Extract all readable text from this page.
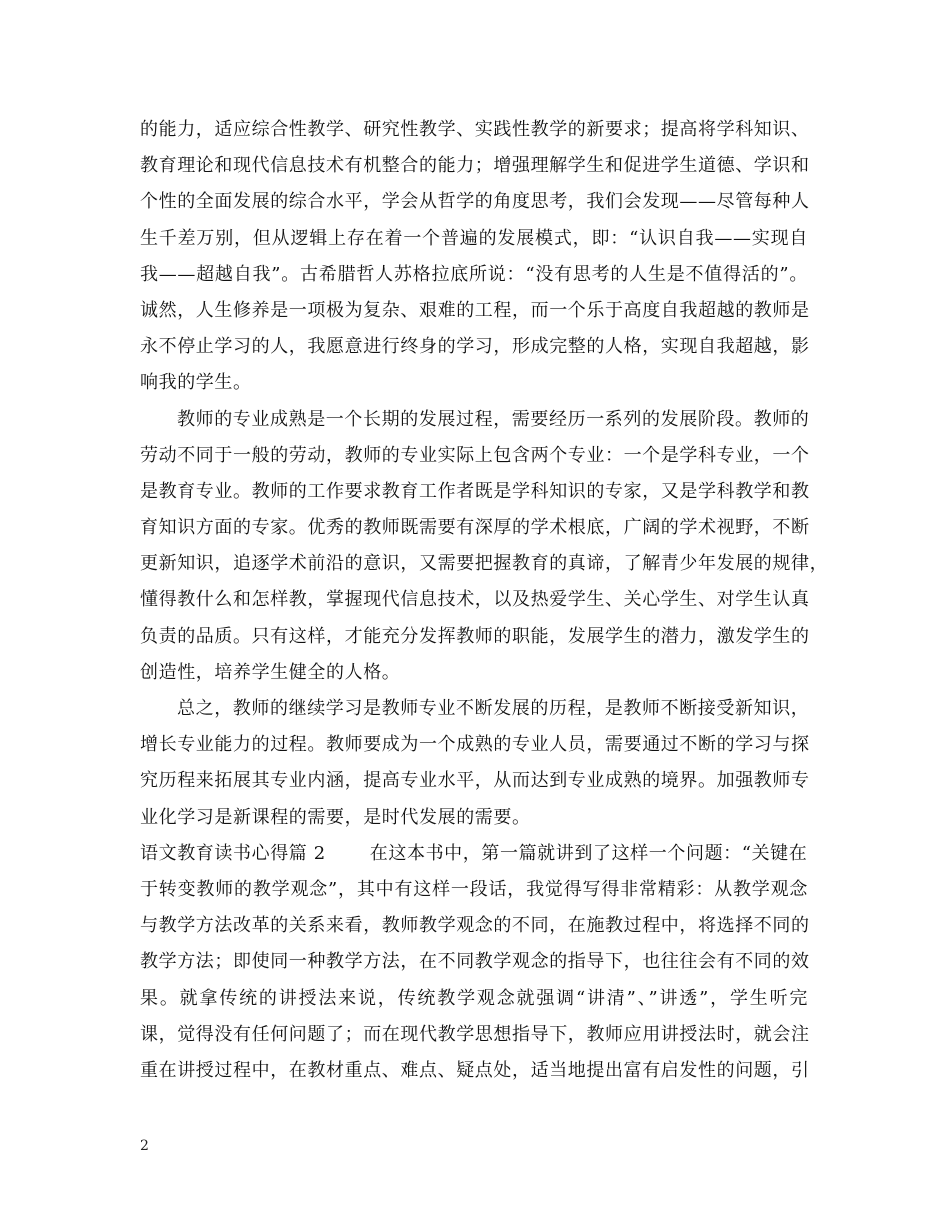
的能力，适应综合性教学、研究性教学、实践性教学的新要求；提高将学科知识、
教育理论和现代信息技术有机整合的能力；增强理解学生和促进学生道德、学识和
个性的全面发展的综合水平，学会从哲学的角度思考，我们会发现——尽管每种人
生千差万别，但从逻辑上存在着一个普遍的发展模式，即：“认识自我——实现自
我——超越自我”。古希腊哲人苏格拉底所说：“没有思考的人生是不值得活的”。
诚然，人生修养是一项极为复杂、艰难的工程，而一个乐于高度自我超越的教师是
永不停止学习的人，我愿意进行终身的学习，形成完整的人格，实现自我超越，影
响我的学生。
教师的专业成熟是一个长期的发展过程，需要经历一系列的发展阶段。教师的
劳动不同于一般的劳动，教师的专业实际上包含两个专业：一个是学科专业，一个
是教育专业。教师的工作要求教育工作者既是学科知识的专家，又是学科教学和教
育知识方面的专家。优秀的教师既需要有深厚的学术根底，广阔的学术视野，不断
更新知识，追逐学术前沿的意识，又需要把握教育的真谛，了解青少年发展的规律，
懂得教什么和怎样教，掌握现代信息技术，以及热爱学生、关心学生、对学生认真
负责的品质。只有这样，才能充分发挥教师的职能，发展学生的潜力，激发学生的
创造性，培养学生健全的人格。
总之，教师的继续学习是教师专业不断发展的历程，是教师不断接受新知识，
增长专业能力的过程。教师要成为一个成熟的专业人员，需要通过不断的学习与探
究历程来拓展其专业内涵，提高专业水平，从而达到专业成熟的境界。加强教师专
业化学习是新课程的需要，是时代发展的需要。
语文教育读书心得篇 2 在这本书中，第一篇就讲到了这样一个问题：“关键在
于转变教师的教学观念”，其中有这样一段话，我觉得写得非常精彩：从教学观念
与教学方法改革的关系来看，教师教学观念的不同，在施教过程中，将选择不同的
教学方法；即使同一种教学方法，在不同教学观念的指导下，也往往会有不同的效
果。就拿传统的讲授法来说，传统教学观念就强调“讲清”、”讲透”，学生听完
课，觉得没有任何问题了；而在现代教学思想指导下，教师应用讲授法时，就会注
重在讲授过程中，在教材重点、难点、疑点处，适当地提出富有启发性的问题，引
2
